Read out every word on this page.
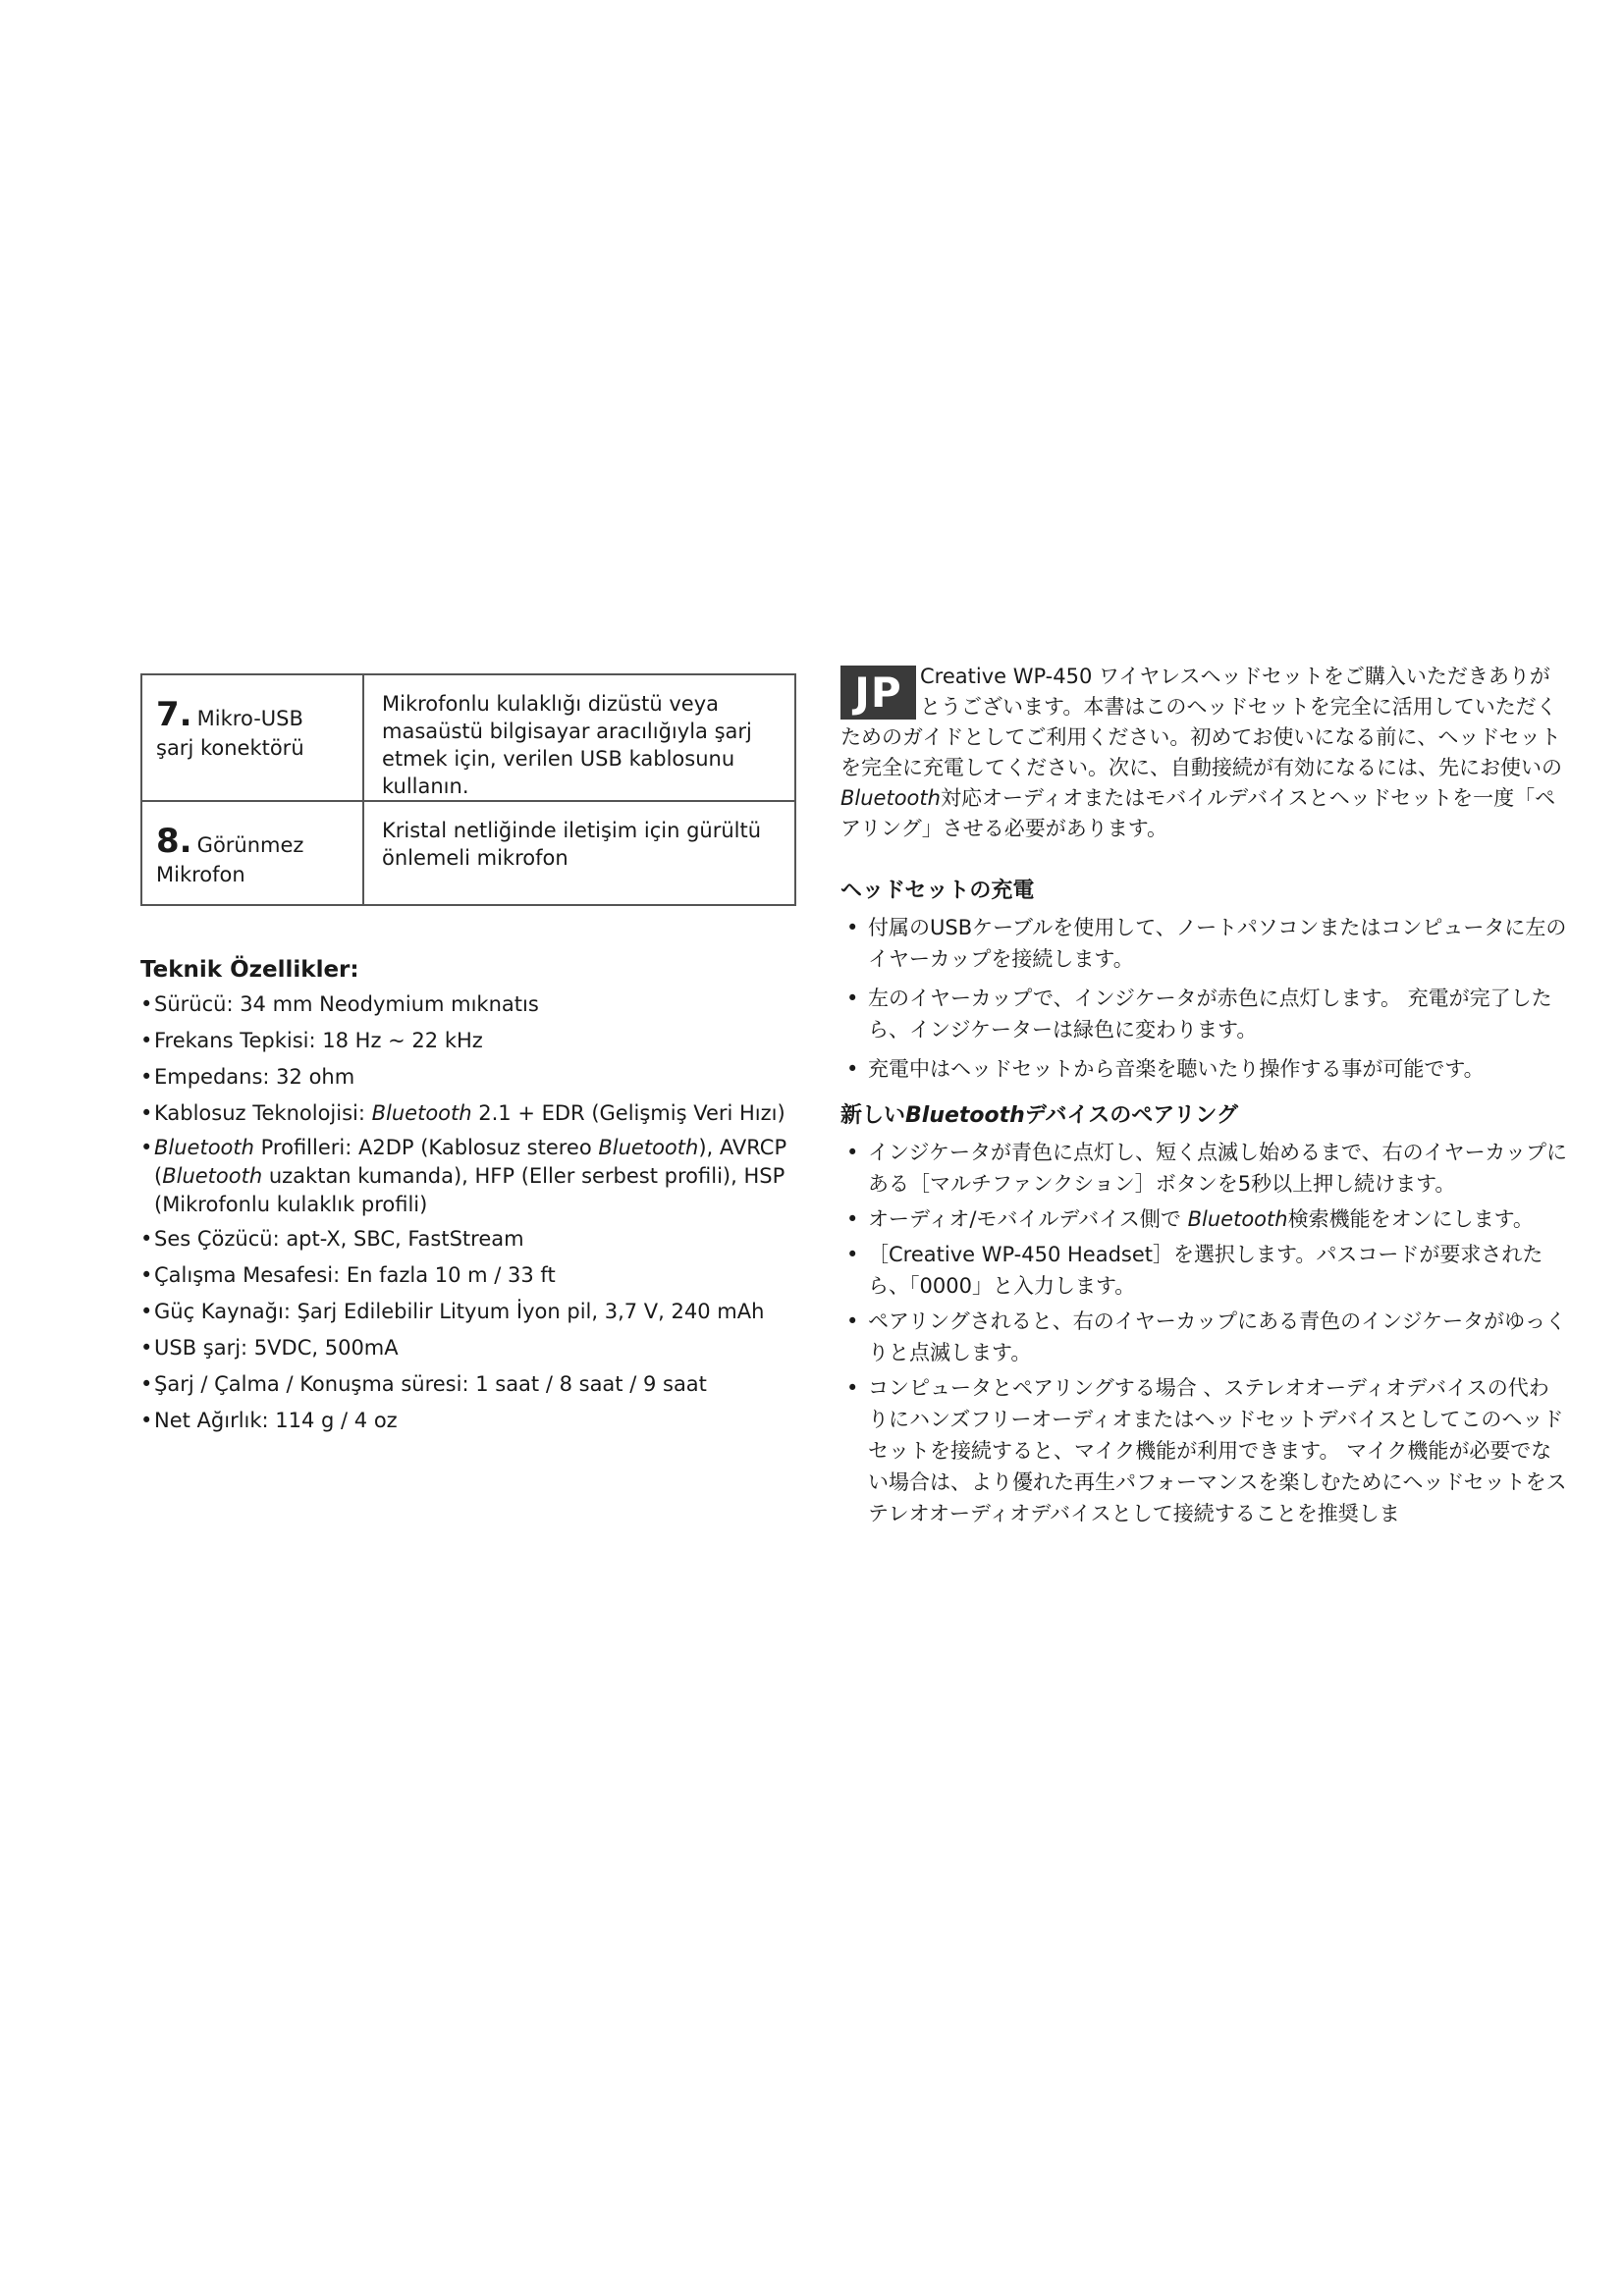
7. Mikro-USB
şarj konektörü	Mikrofonlu kulaklığı dizüstü veya masaüstü bilgisayar aracılığıyla şarj etmek için, verilen USB kablosunu kullanın.
8. Görünmez
Mikrofon	Kristal netliğinde iletişim için gürültü önlemeli mikrofon
Teknik Özellikler:
• Sürücü: 34 mm Neodymium mıknatıs
• Frekans Tepkisi: 18 Hz ~ 22 kHz
• Empedans: 32 ohm
• Kablosuz Teknolojisi: Bluetooth 2.1 + EDR (Gelişmiş Veri Hızı)
• Bluetooth Profilleri: A2DP (Kablosuz stereo Bluetooth), AVRCP (Bluetooth uzaktan kumanda), HFP (Eller serbest profili), HSP (Mikrofonlu kulaklık profili)
• Ses Çözücü: apt-X, SBC, FastStream
• Çalışma Mesafesi: En fazla 10 m / 33 ft
• Güç Kaynağı: Şarj Edilebilir Lityum İyon pil, 3,7 V, 240 mAh
• USB şarj: 5VDC, 500mA
• Şarj / Çalma / Konuşma süresi: 1 saat / 8 saat / 9 saat
• Net Ağırlık: 114 g / 4 oz
JP Creative WP-450 ワイヤレスヘッドセットをご購入いただきありがとうございます。本書はこのヘッドセットを完全に活用していただくためのガイドとしてご利用ください。初めてお使いになる前に、ヘッドセットを完全に充電してください。次に、自動接続が有効になるには、先にお使いのBluetooth対応オーディオまたはモバイルデバイスとヘッドセットを一度「ペアリング」させる必要があります。
ヘッドセットの充電
• 付属のUSBケーブルを使用して、ノートパソコンまたはコンピュータに左のイヤーカップを接続します。
• 左のイヤーカップで、インジケータが赤色に点灯します。 充電が完了したら、インジケーターは緑色に変わります。
• 充電中はヘッドセットから音楽を聴いたり操作する事が可能です。
新しいBluetoothデバイスのペアリング
• インジケータが青色に点灯し、短く点滅し始めるまで、右のイヤーカップにある［マルチファンクション］ボタンを5秒以上押し続けます。
• オーディオ/モバイルデバイス側で Bluetooth検索機能をオンにします。
• ［Creative WP-450 Headset］を選択します。パスコードが要求されたら、「0000」と入力します。
• ペアリングされると、右のイヤーカップにある青色のインジケータがゆっくりと点滅します。
• コンピュータとペアリングする場合 、ステレオオーディオデバイスの代わりにハンズフリーオーディオまたはヘッドセットデバイスとしてこのヘッドセットを接続すると、マイク機能が利用できます。 マイク機能が必要でない場合は、より優れた再生パフォーマンスを楽しむためにヘッドセットをステレオオーディオデバイスとして接続することを推奨しま
